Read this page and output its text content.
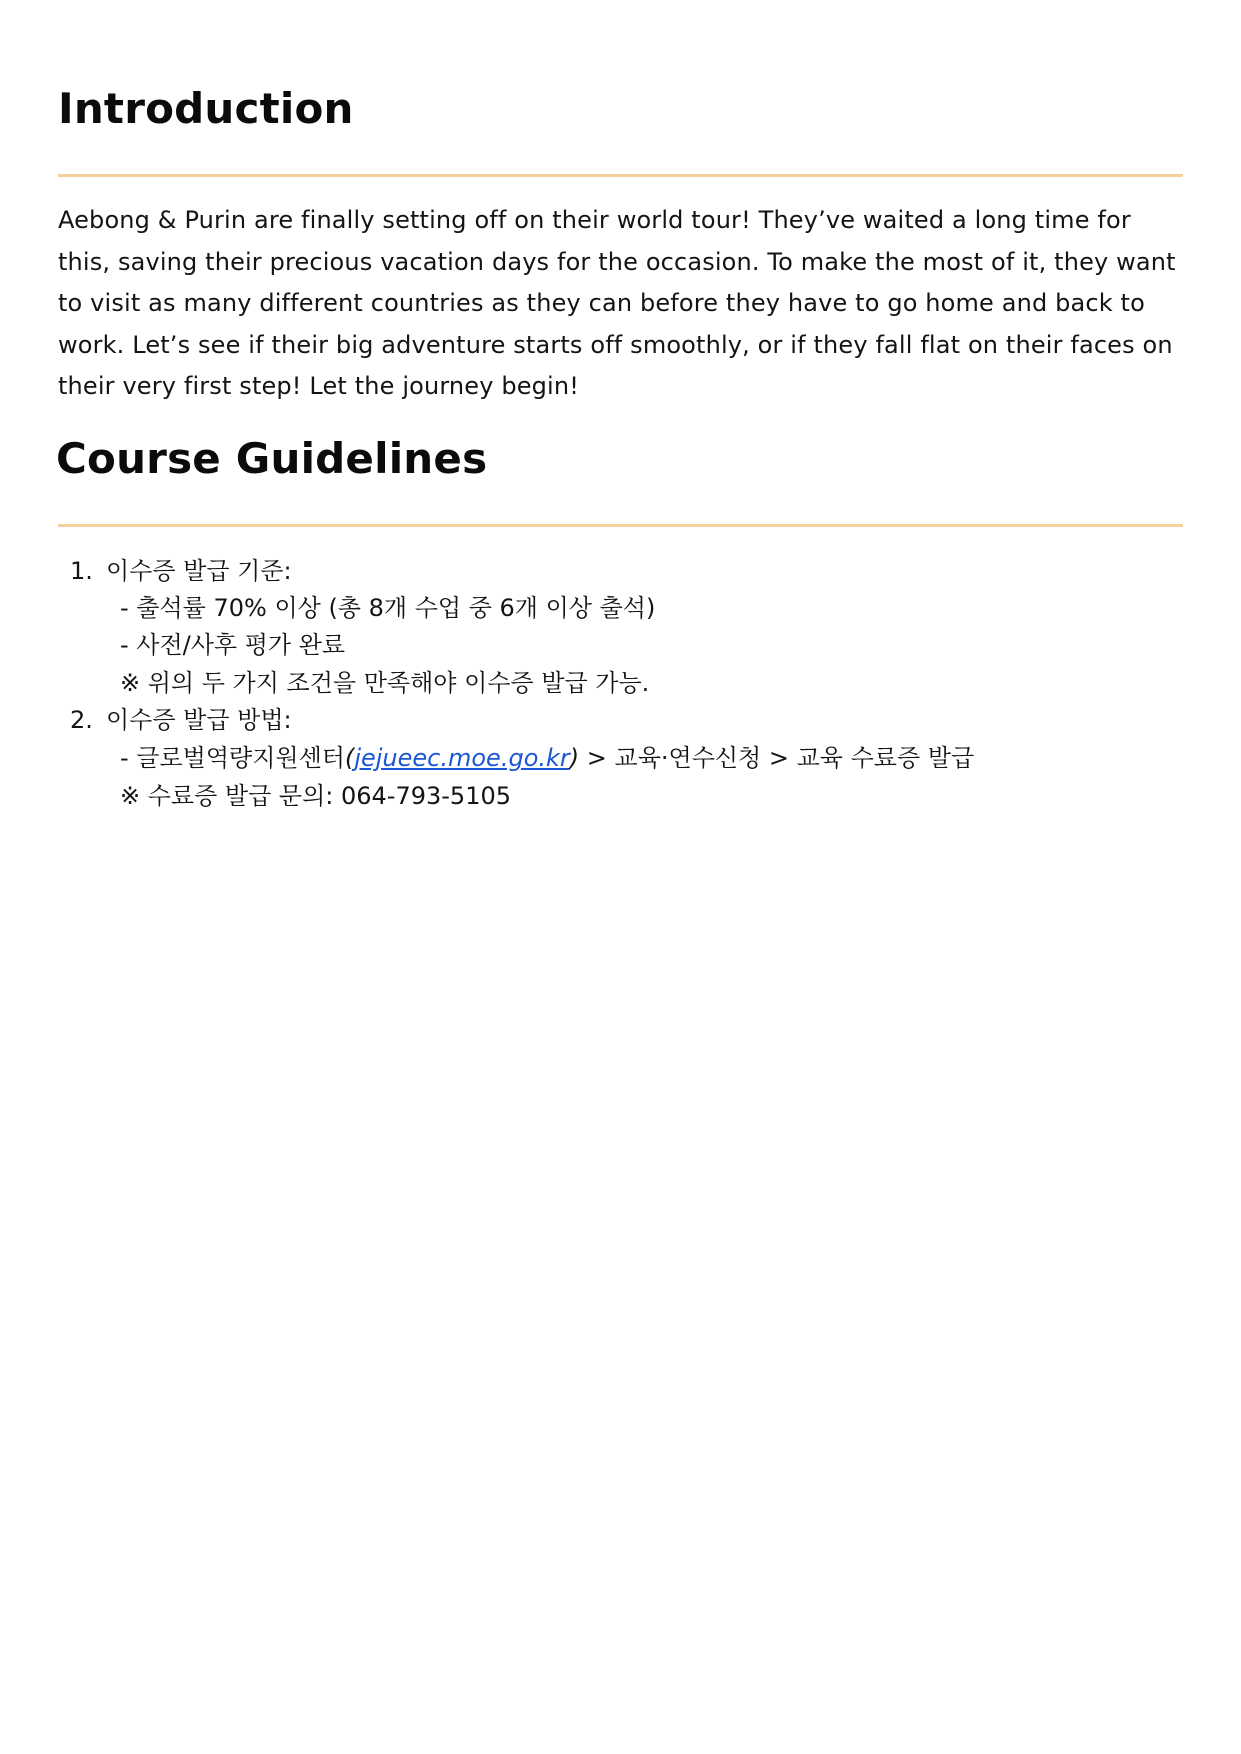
Introduction

Aebong & Purin are finally setting off on their world tour! They’ve waited a long time for this, saving their precious vacation days for the occasion. To make the most of it, they want to visit as many different countries as they can before they have to go home and back to work. Let’s see if their big adventure starts off smoothly, or if they fall flat on their faces on their very first step! Let the journey begin!

Course Guidelines
1. 이수증 발급 기준:
- 출석률 70% 이상 (총 8개 수업 중 6개 이상 출석)
- 사전/사후 평가 완료
※ 위의 두 가지 조건을 만족해야 이수증 발급 가능.
2. 이수증 발급 방법:
- 글로벌역량지원센터(jejueec.moe.go.kr) > 교육·연수신청 > 교육 수료증 발급
※ 수료증 발급 문의: 064-793-5105
